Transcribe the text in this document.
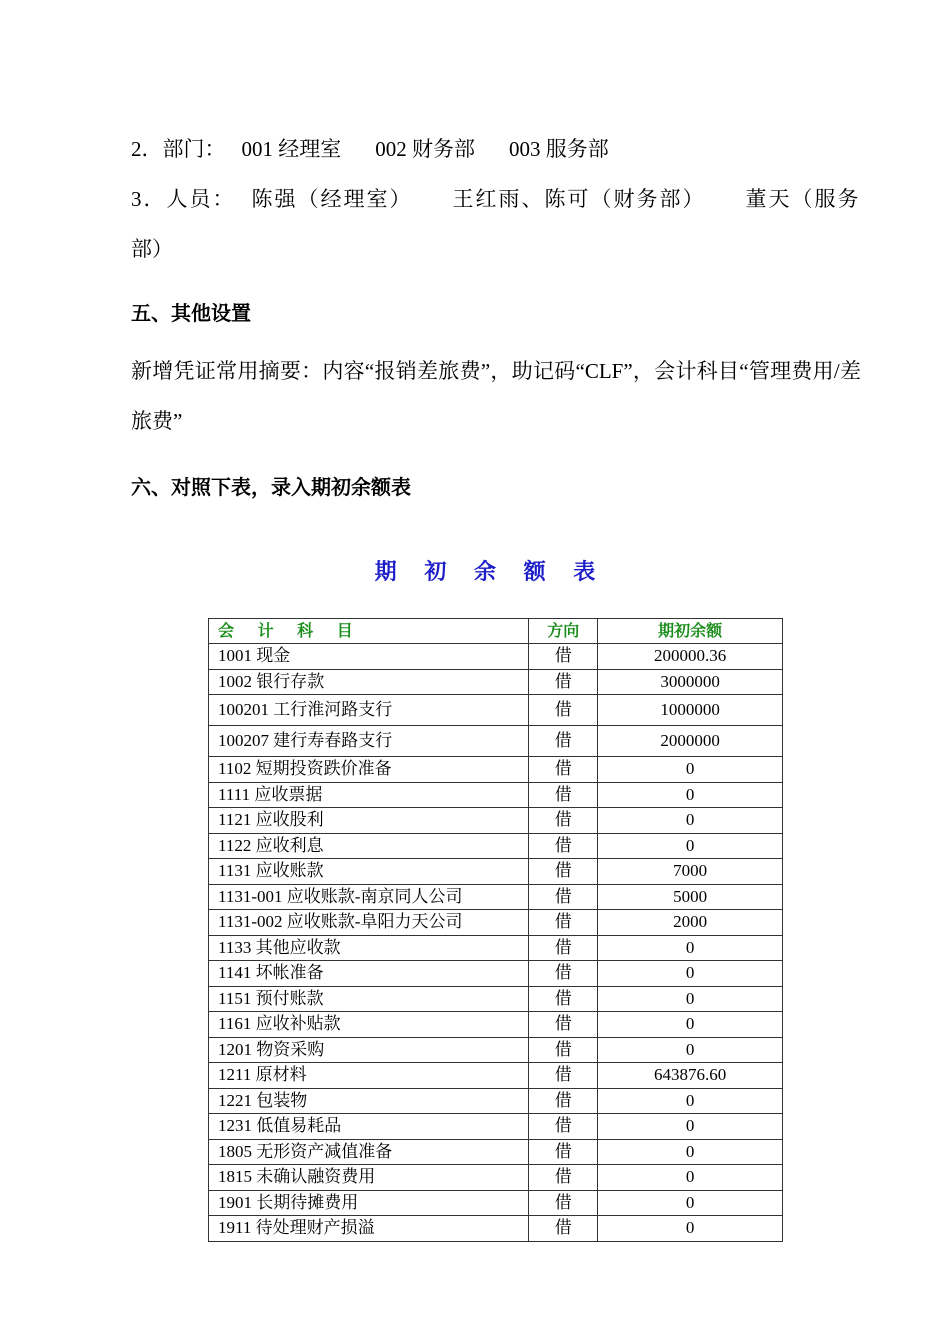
2．部门： 001 经理室 002 财务部 003 服务部
3．人员： 陈强（经理室） 王红雨、陈可（财务部） 董天（服务
部）
五、其他设置
新增凭证常用摘要：内容“报销差旅费”，助记码“CLF”，会计科目“管理费用/差旅费”
六、对照下表，录入期初余额表
期 初 余 额 表
会 计 科 目	方向	期初余额
1001 现金	借	200000.36
1002 银行存款	借	3000000
100201 工行淮河路支行	借	1000000
100207 建行寿春路支行	借	2000000
1102 短期投资跌价准备	借	0
1111 应收票据	借	0
1121 应收股利	借	0
1122 应收利息	借	0
1131 应收账款	借	7000
1131-001 应收账款-南京同人公司	借	5000
1131-002 应收账款-阜阳力天公司	借	2000
1133 其他应收款	借	0
1141 坏帐准备	借	0
1151 预付账款	借	0
1161 应收补贴款	借	0
1201 物资采购	借	0
1211 原材料	借	643876.60
1221 包装物	借	0
1231 低值易耗品	借	0
1805 无形资产减值准备	借	0
1815 未确认融资费用	借	0
1901 长期待摊费用	借	0
1911 待处理财产损溢	借	0
